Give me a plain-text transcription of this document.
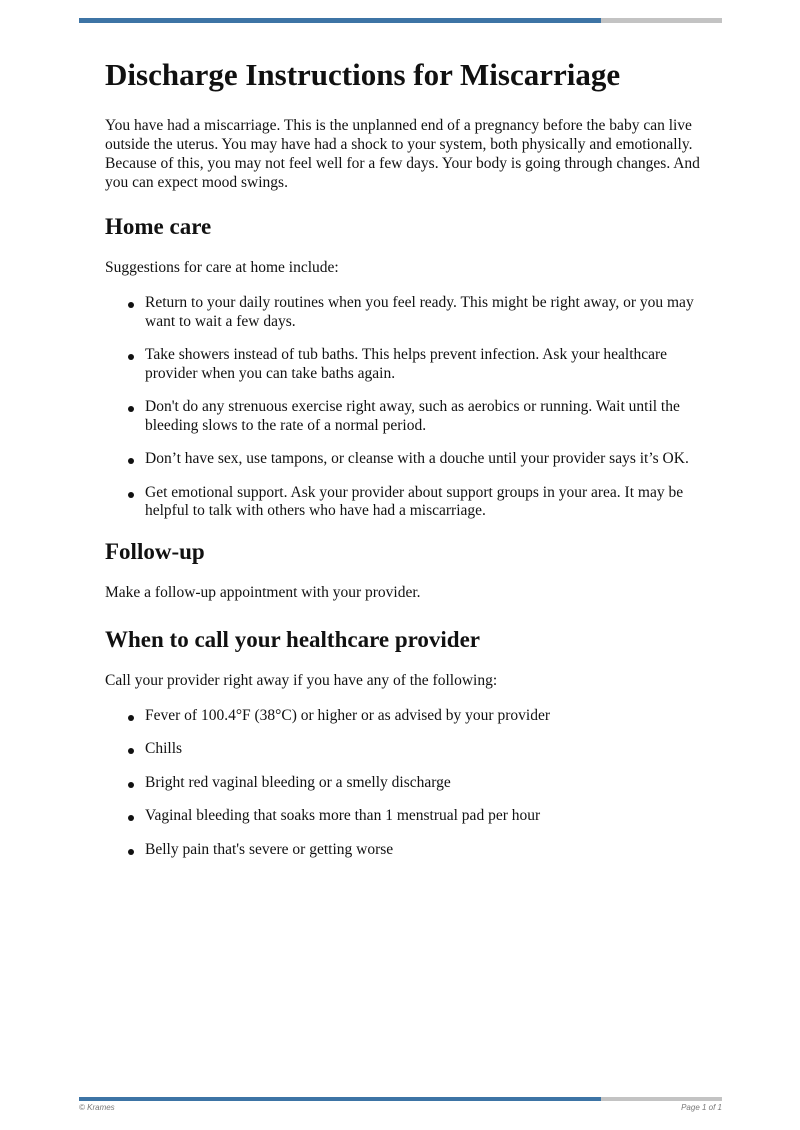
Discharge Instructions for Miscarriage

You have had a miscarriage. This is the unplanned end of a pregnancy before the baby can live outside the uterus. You may have had a shock to your system, both physically and emotionally. Because of this, you may not feel well for a few days. Your body is going through changes. And you can expect mood swings.

Home care

Suggestions for care at home include:

Return to your daily routines when you feel ready. This might be right away, or you may want to wait a few days.
Take showers instead of tub baths. This helps prevent infection. Ask your healthcare provider when you can take baths again.
Don't do any strenuous exercise right away, such as aerobics or running. Wait until the bleeding slows to the rate of a normal period.
Don’t have sex, use tampons, or cleanse with a douche until your provider says it’s OK.
Get emotional support. Ask your provider about support groups in your area. It may be helpful to talk with others who have had a miscarriage.
Follow-up

Make a follow-up appointment with your provider.

When to call your healthcare provider

Call your provider right away if you have any of the following:

Fever of 100.4°F (38°C) or higher or as advised by your provider
Chills
Bright red vaginal bleeding or a smelly discharge
Vaginal bleeding that soaks more than 1 menstrual pad per hour
Belly pain that's severe or getting worse
© Krames	Page 1 of 1
